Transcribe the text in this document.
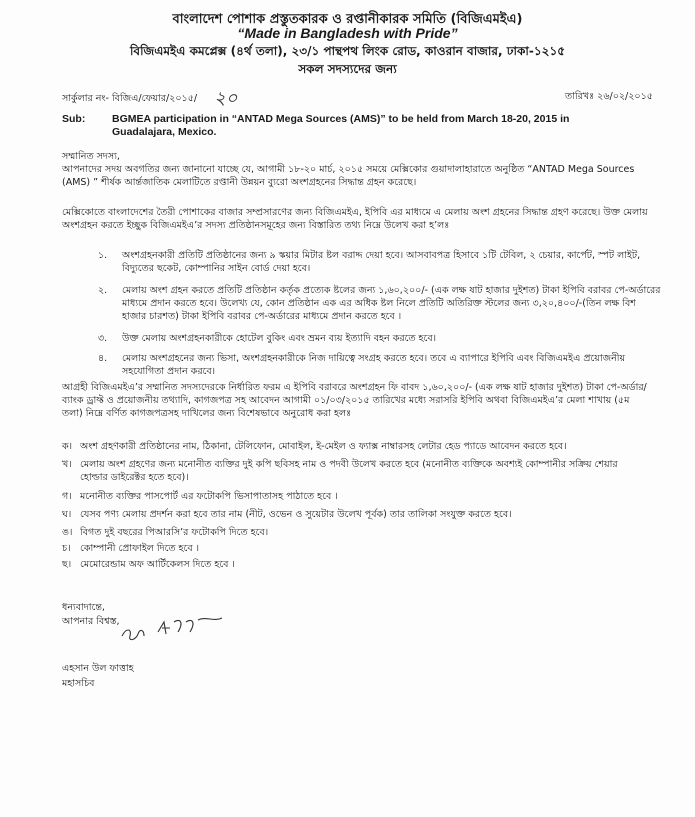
বাংলাদেশ পোশাক প্রস্তুতকারক ও রপ্তানীকারক সমিতি (বিজিএমইএ)
“Made in Bangladesh with Pride”
বিজিএমইএ কমপ্লেক্স (৪র্থ তলা), ২৩/১ পান্থপথ লিংক রোড, কাওরান বাজার, ঢাকা-১২১৫
সকল সদস্যদের জন্য
সার্কুলার নং- বিজিএ/ফেয়ার/২০১৫/ ২০	তারিখঃ ২৬/০২/২০১৫
Sub:	BGMEA participation in “ANTAD Mega Sources (AMS)” to be held from March 18-20, 2015 in Guadalajara, Mexico.
সম্মানিত সদস্য,
আপনাদের সদয় অবগতির জন্য জানানো যাচ্ছে যে, আগামী ১৮-২০ মার্চ, ২০১৫ সময়ে মেক্সিকোর গুয়াদালাহারাতে অনুষ্ঠিত “ANTAD Mega Sources (AMS) ” শীর্ষক আর্ন্তজাতিক মেলাটিতে রপ্তানী উন্নয়ন ব্যুরো অংশগ্রহনের সিদ্ধান্ত গ্রহন করেছে।
মেক্সিকোতে বাংলাদেশের তৈরী পোশাকের বাজার সম্প্রসারণের জন্য বিজিএমইএ, ইপিবি এর মাধ্যমে এ মেলায় অংশ গ্রহনের সিদ্ধান্ত গ্রহণ করেছে। উক্ত মেলায় অংশগ্রহন করতে ইচ্ছুক বিজিএমইএ’র সদস্য প্রতিষ্ঠানসমূহের জন্য বিস্তারিত তথ্য নিম্নে উলেখ করা হ’লঃ
১. অংশগ্রহনকারী প্রতিটি প্রতিষ্ঠানের জন্য ৯ স্কয়ার মিটার ষ্টল বরাদ্দ দেয়া হবে। আসবাবপত্র হিসাবে ১টি টেবিল, ২ চেয়ার, কার্পেট, স্পট লাইট, বিদ্যুতের ছকেট, কোম্পানির সাইন বোর্ড দেয়া হবে।
২. মেলায় অংশ গ্রহন করতে প্রতিটি প্রতিষ্ঠান কর্তৃক প্রত্যেক ষ্টলের জন্য ১,৬০,২০০/- (এক লক্ষ ষাট হাজার দুইশত) টাকা ইপিবি বরাবর পে-অর্ডারের মাধ্যমে প্রদান করতে হবে। উলেখ্য যে, কোন প্রতিষ্ঠান এক এর অধিক ষ্টল নিলে প্রতিটি অতিরিক্ত স্টলের জন্য ৩,২০,৪০০/-(তিন লক্ষ বিশ হাজার চারশত) টাকা ইপিবি বরাবর পে-অর্ডারের মাধ্যমে প্রদান করতে হবে ।
৩. উক্ত মেলায় অংশগ্রহনকারীকে হোটেল বুকিং এবং ভ্রমন ব্যয় ইত্যাদি বহন করতে হবে।
৪. মেলায় অংশগ্রহনের জন্য ভিসা, অংশগ্রহনকারীকে নিজ দায়িত্বে সংগ্রহ করতে হবে। তবে এ ব্যাপারে ইপিবি এবং বিজিএমইএ প্রয়োজনীয় সহযোগিতা প্রদান করবে।
আগ্রহী বিজিএমইএ’র সম্মানিত সদস্যদেরকে নির্ধারিত ফরম এ ইপিবি বরাবরে অংশগ্রহন ফি বাবদ ১,৬০,২০০/- (এক লক্ষ ষাট হাজার দুইশত) টাকা পে-অর্ডার/ব্যাংক ড্রাফ্ট ও প্রয়োজনীয় তথ্যাদি, কাগজপত্র সহ আবেদন আগামী ০১/০৩/২০১৫ তারিখের মধ্যে সরাসরি ইপিবি অথবা বিজিএমইএ’র মেলা শাখায় (৫ম তলা) নিম্নে বর্ণিত কাগজপত্রসহ দাখিলের জন্য বিশেষভাবে অনুরোধ করা হলঃ
ক। অংশ গ্রহণকারী প্রতিষ্ঠানের নাম, ঠিকানা, টেলিফোন, মোবাইল, ই-মেইল ও ফ্যাক্স নাম্বারসহ লেটার হেড প্যাডে আবেদন করতে হবে।
খ। মেলায় অংশ গ্রহণের জন্য মনোনীত ব্যক্তির দুই কপি ছবিসহ নাম ও পদবী উলেখ করতে হবে (মনোনীত ব্যক্তিকে অবশ্যই কোম্পানীর সক্রিয় শেয়ার হোল্ডার ডাইরেক্টর হতে হবে)।
গ। মনোনীত ব্যক্তির পাসপোর্ট এর ফটোকপি ভিসাপাতাসহ পাঠাতে হবে ।
ঘ। যেসব পণ্য মেলায় প্রদর্শন করা হবে তার নাম (নীট, ওভেন ও সুয়েটার উলেখ পূর্বক) তার তালিকা সংযুক্ত করতে হবে।
ঙ। বিগত দুই বছরের পিআরসি’র ফটোকপি দিতে হবে।
চ। কোম্পানী প্রোফাইল দিতে হবে ।
ছ। মেমোরেন্ডাম অফ আর্টিকেলস দিতে হবে ।
ধন্যবাদান্তে,
আপনার বিশ্বস্ত,
এহসান উল ফাত্তাহ
মহাসচিব
